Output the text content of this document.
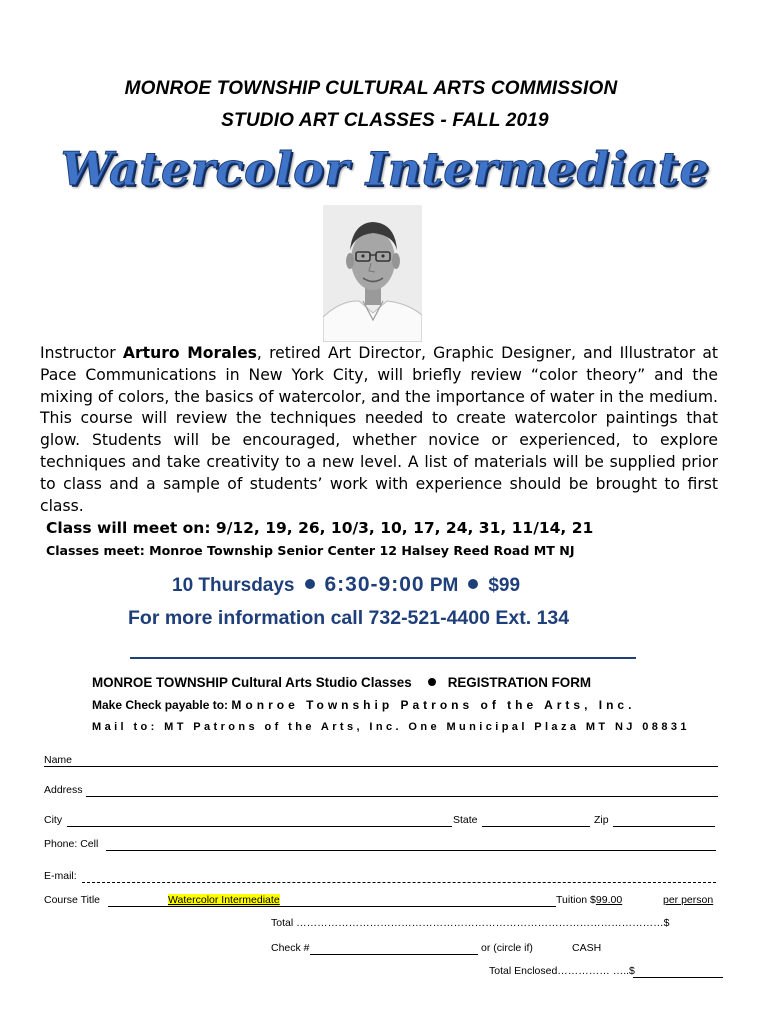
MONROE TOWNSHIP CULTURAL ARTS COMMISSION
STUDIO ART CLASSES - FALL 2019
Watercolor Intermediate
Instructor Arturo Morales, retired Art Director, Graphic Designer, and Illustrator at Pace Communications in New York City, will briefly review “color theory” and the mixing of colors, the basics of watercolor, and the importance of water in the medium. This course will review the techniques needed to create watercolor paintings that glow. Students will be encouraged, whether novice or experienced, to explore techniques and take creativity to a new level. A list of materials will be supplied prior to class and a sample of students’ work with experience should be brought to first class.
Class will meet on: 9/12, 19, 26, 10/3, 10, 17, 24, 31, 11/14, 21
Classes meet: Monroe Township Senior Center 12 Halsey Reed Road MT NJ
10 Thursdays 6:30-9:00 PM $99
For more information call 732-521-4400 Ext. 134
MONROE TOWNSHIP Cultural Arts Studio Classes	REGISTRATION FORM
Make Check payable to: Monroe Township Patrons of the Arts, Inc.
Mail to: MT Patrons of the Arts, Inc. One Municipal Plaza MT NJ 08831
Name
Address
City	State	Zip
Phone: Cell
E-mail:
Course Title	Watercolor Intermediate	Tuition $99.00	per person
Total ……………………………………………………………………………………………$
Check #	or (circle if)	CASH
Total Enclosed…………… …..$
